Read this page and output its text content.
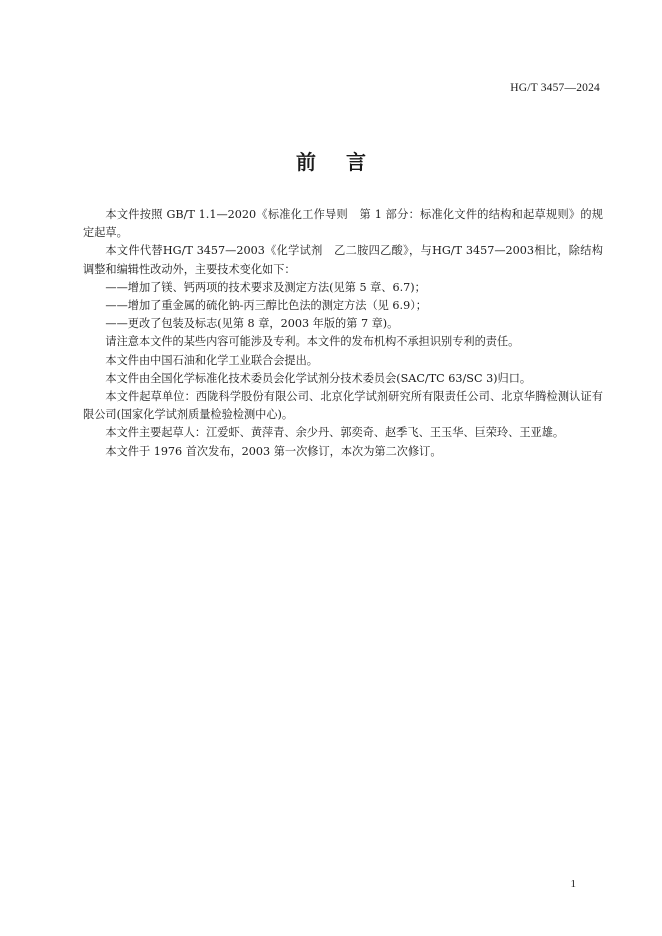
HG/T 3457—2024
前言

本文件按照 GB/T 1.1—2020《标准化工作导则　第 1 部分：标准化文件的结构和起草规则》的规定起草。

本文件代替HG/T 3457—2003《化学试剂　乙二胺四乙酸》，与HG/T 3457—2003相比，除结构调整和编辑性改动外，主要技术变化如下：

——增加了镁、钙两项的技术要求及测定方法(见第 5 章、6.7)；

——增加了重金属的硫化钠-丙三醇比色法的测定方法（见 6.9）；

——更改了包装及标志(见第 8 章，2003 年版的第 7 章)。

请注意本文件的某些内容可能涉及专利。本文件的发布机构不承担识别专利的责任。

本文件由中国石油和化学工业联合会提出。

本文件由全国化学标准化技术委员会化学试剂分技术委员会(SAC/TC 63/SC 3)归口。

本文件起草单位：西陇科学股份有限公司、北京化学试剂研究所有限责任公司、北京华腾检测认证有限公司(国家化学试剂质量检验检测中心)。

本文件主要起草人：江爱虾、黄萍青、余少丹、郭奕奇、赵季飞、王玉华、巨荣玲、王亚雄。

本文件于 1976 首次发布，2003 第一次修订，本次为第二次修订。

1
